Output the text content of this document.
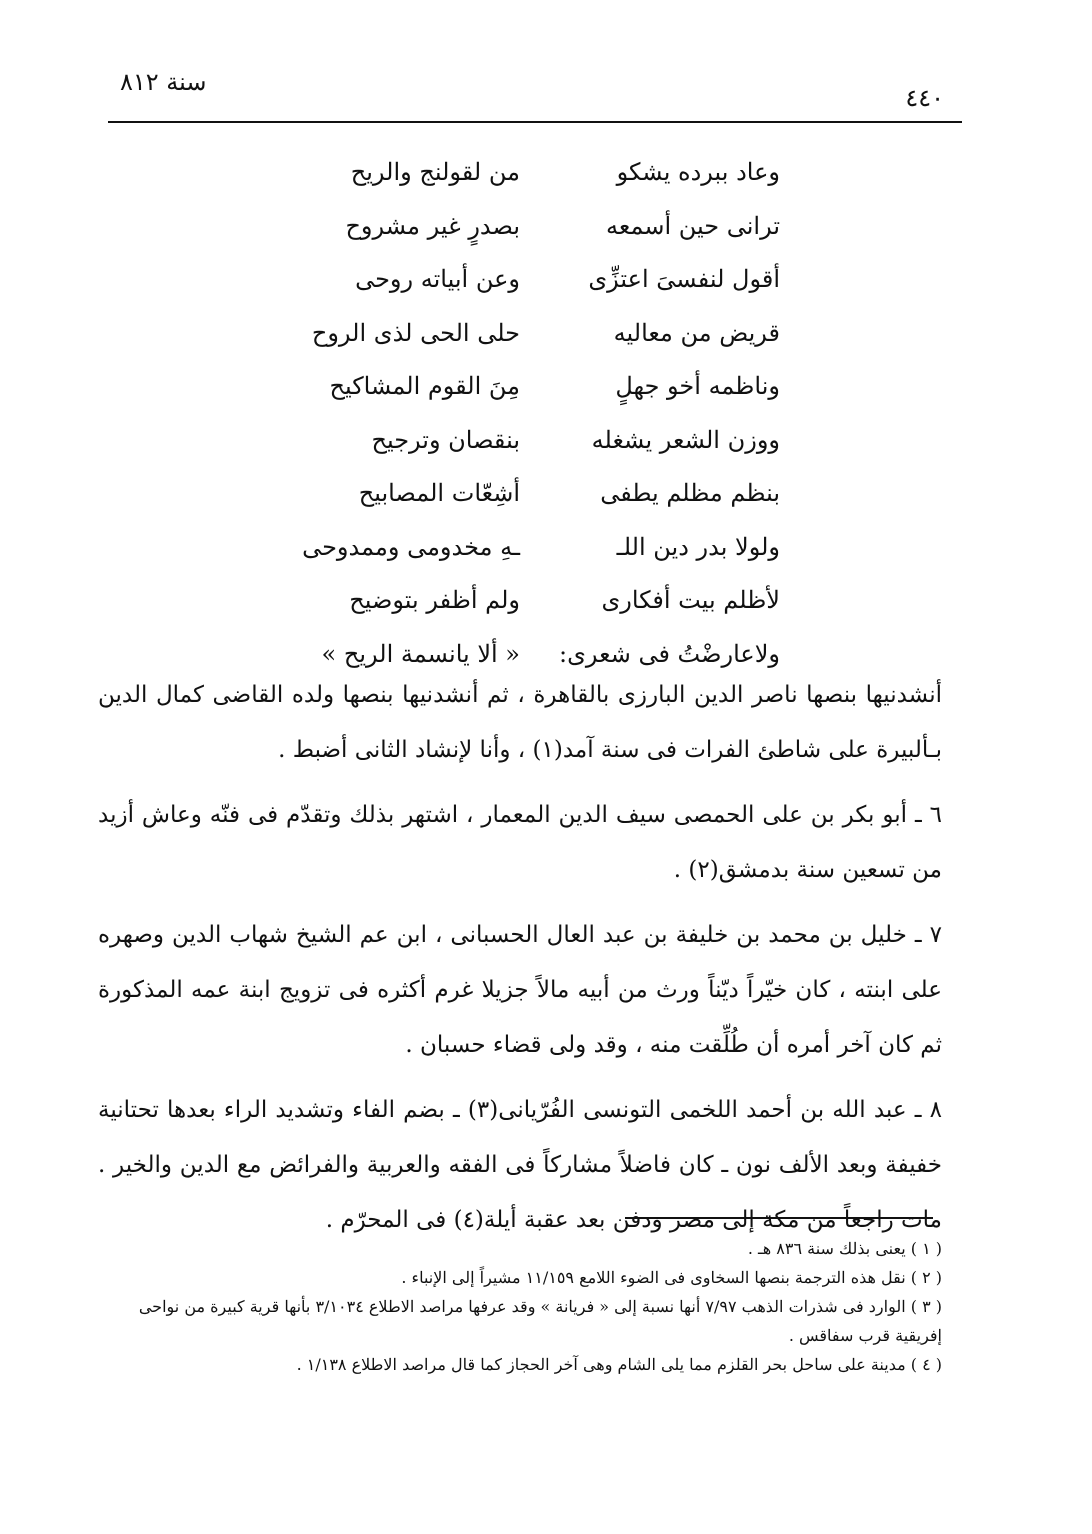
سنة ٨١٢
٤٤٠
وعاد ببرده يشكو
من لقولنج والريح
ترانى حين أسمعه
بصدرٍ غير مشروح
أقول لنفسىَ اعتزِّى
وعن أبياته روحى
قريض من معاليه
حلى الحى لذى الروح
وناظمه أخو جهلٍ
مِنَ القوم المشاكيح
ووزن الشعر يشغله
بنقصان وترجيح
بنظم مظلم يطفى
أشِعّات المصابيح
ولولا بدر دين اللـ
ـهِ مخدومى وممدوحى
لأظلم بيت أفكارى
ولم أظفر بتوضيح
ولاعارضْتُ فى شعرى:
« ألا يانسمة الريح »

أنشدنيها بنصها ناصر الدين البارزى بالقاهرة ، ثم أنشدنيها بنصها ولده القاضى كمال الدين بـألبيرة على شاطئ الفرات فى سنة آمد(١) ، وأنا لإنشاد الثانى أضبط .

٦ ـ أبو بكر بن على الحمصى سيف الدين المعمار ، اشتهر بذلك وتقدّم فى فنّه وعاش أزيد من تسعين سنة بدمشق(٢) .

٧ ـ خليل بن محمد بن خليفة بن عبد العال الحسبانى ، ابن عم الشيخ شهاب الدين وصهره على ابنته ، كان خيّراً ديّناً ورث من أبيه مالاً جزيلا غرم أكثره فى تزويج ابنة عمه المذكورة ثم كان آخر أمره أن طُلِّقت منه ، وقد ولى قضاء حسبان .

٨ ـ عبد الله بن أحمد اللخمى التونسى الفُرّيانى(٣) ـ بضم الفاء وتشديد الراء بعدها تحتانية خفيفة وبعد الألف نون ـ كان فاضلاً مشاركاً فى الفقه والعربية والفرائض مع الدين والخير . مات راجعاً من مكة إلى مصر ودفن بعد عقبة أيلة(٤) فى المحرّم .

( ١ ) يعنى بذلك سنة ٨٣٦ هـ .

( ٢ ) نقل هذه الترجمة بنصها السخاوى فى الضوء اللامع ١١/١٥٩ مشيراً إلى الإنباء .

( ٣ ) الوارد فى شذرات الذهب ٧/٩٧ أنها نسبة إلى « فريانة » وقد عرفها مراصد الاطلاع ٣/١٠٣٤ بأنها قرية كبيرة من نواحى إفريقية قرب سفاقس .

( ٤ ) مدينة على ساحل بحر القلزم مما يلى الشام وهى آخر الحجاز كما قال مراصد الاطلاع ١/١٣٨ .
